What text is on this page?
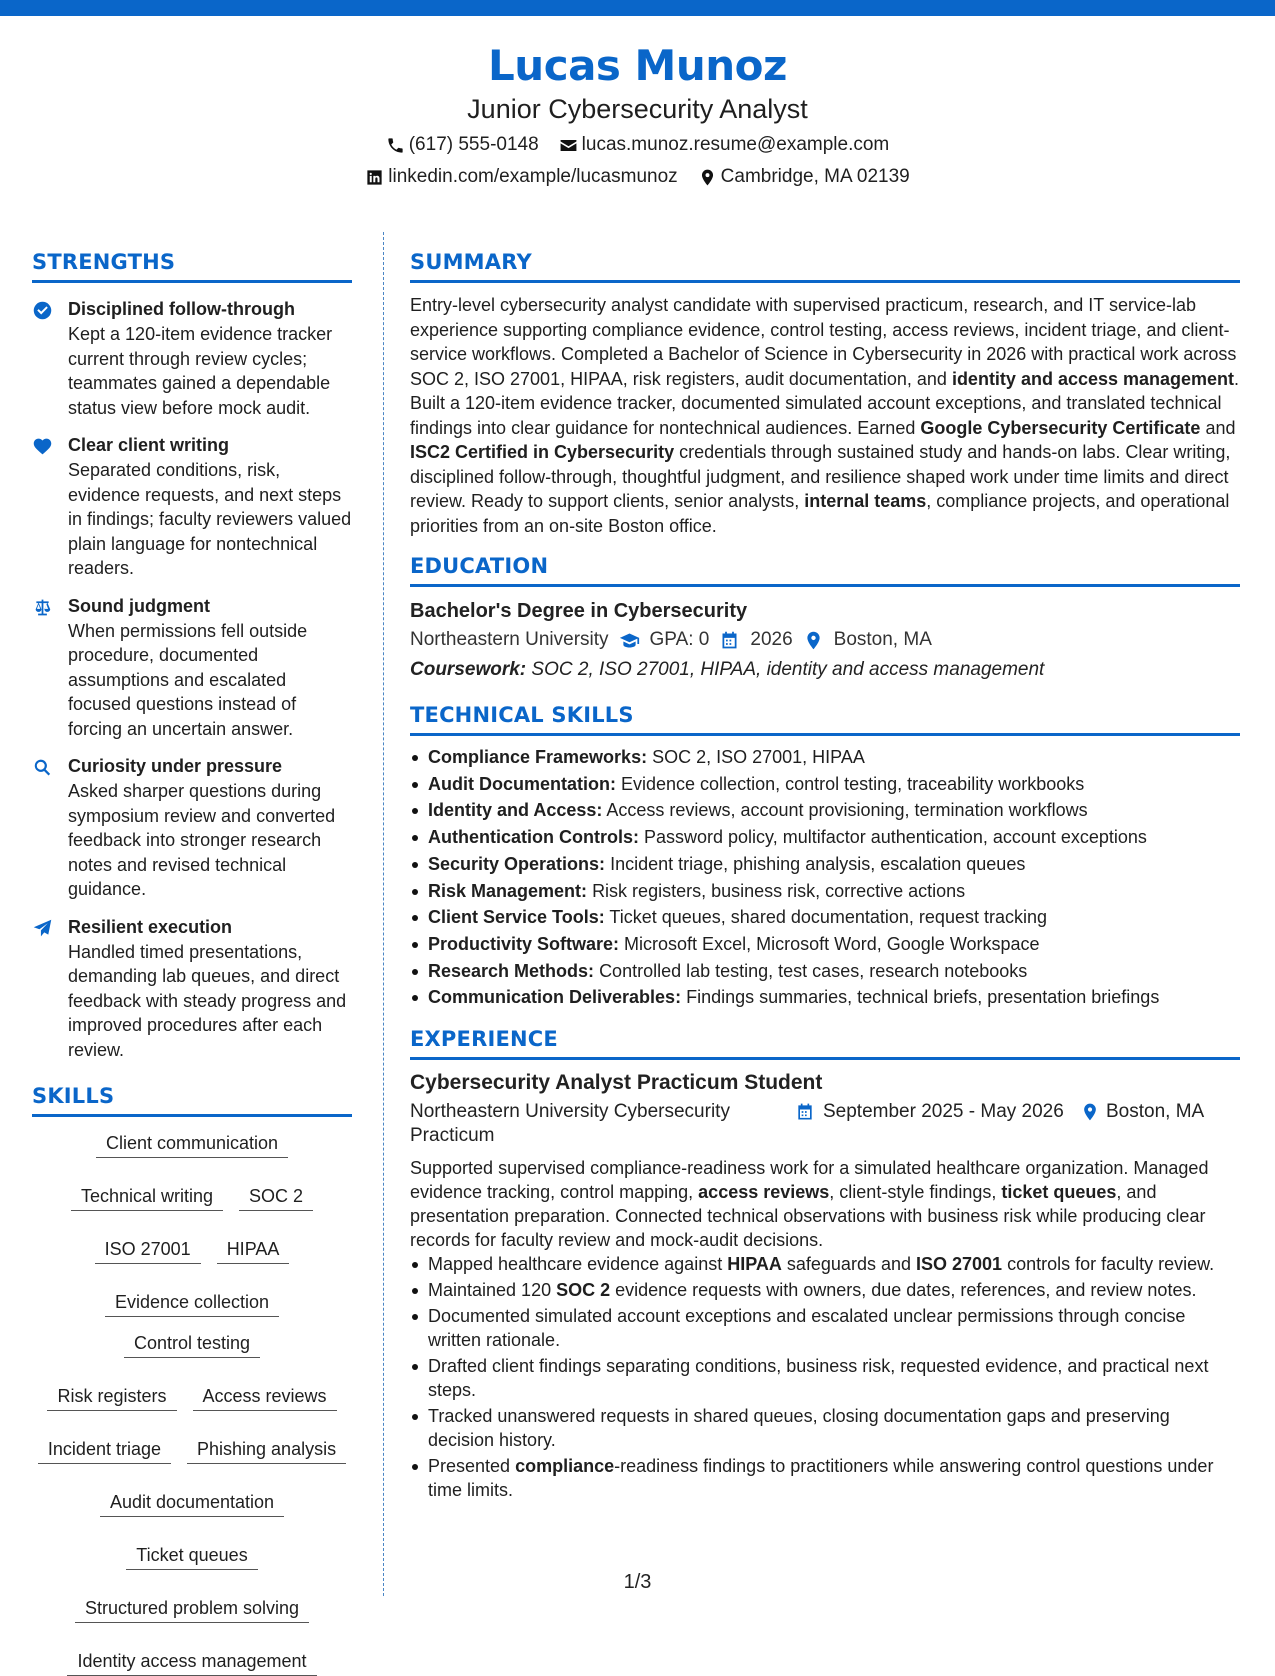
Lucas Munoz
Junior Cybersecurity Analyst
(617) 555-0148 lucas.munoz.resume@example.com
linkedin.com/example/lucasmunoz Cambridge, MA 02139
STRENGTHS
Disciplined follow-through
Kept a 120-item evidence tracker current through review cycles; teammates gained a dependable status view before mock audit.
Clear client writing
Separated conditions, risk, evidence requests, and next steps in findings; faculty reviewers valued plain language for nontechnical readers.
Sound judgment
When permissions fell outside procedure, documented assumptions and escalated focused questions instead of forcing an uncertain answer.
Curiosity under pressure
Asked sharper questions during symposium review and converted feedback into stronger research notes and revised technical guidance.
Resilient execution
Handled timed presentations, demanding lab queues, and direct feedback with steady progress and improved procedures after each review.
SKILLS
Client communication
Technical writing	SOC 2
ISO 27001	HIPAA
Evidence collection
Control testing
Risk registers	Access reviews
Incident triage	Phishing analysis
Audit documentation
Ticket queues
Structured problem solving
Identity access management
SUMMARY

Entry-level cybersecurity analyst candidate with supervised practicum, research, and IT service-lab experience supporting compliance evidence, control testing, access reviews, incident triage, and client-service workflows. Completed a Bachelor of Science in Cybersecurity in 2026 with practical work across SOC 2, ISO 27001, HIPAA, risk registers, audit documentation, and identity and access management. Built a 120-item evidence tracker, documented simulated account exceptions, and translated technical findings into clear guidance for nontechnical audiences. Earned Google Cybersecurity Certificate and ISC2 Certified in Cybersecurity credentials through sustained study and hands-on labs. Clear writing, disciplined follow-through, thoughtful judgment, and resilience shaped work under time limits and direct review. Ready to support clients, senior analysts, internal teams, compliance projects, and operational priorities from an on-site Boston office.

EDUCATION
Bachelor's Degree in Cybersecurity
Northeastern University GPA: 0 2026 Boston, MA
Coursework: SOC 2, ISO 27001, HIPAA, identity and access management
TECHNICAL SKILLS
Compliance Frameworks: SOC 2, ISO 27001, HIPAA
Audit Documentation: Evidence collection, control testing, traceability workbooks
Identity and Access: Access reviews, account provisioning, termination workflows
Authentication Controls: Password policy, multifactor authentication, account exceptions
Security Operations: Incident triage, phishing analysis, escalation queues
Risk Management: Risk registers, business risk, corrective actions
Client Service Tools: Ticket queues, shared documentation, request tracking
Productivity Software: Microsoft Excel, Microsoft Word, Google Workspace
Research Methods: Controlled lab testing, test cases, research notebooks
Communication Deliverables: Findings summaries, technical briefs, presentation briefings
EXPERIENCE
Cybersecurity Analyst Practicum Student
Northeastern University Cybersecurity Practicum
September 2025 - May 2026 Boston, MA

Supported supervised compliance-readiness work for a simulated healthcare organization. Managed evidence tracking, control mapping, access reviews, client-style findings, ticket queues, and presentation preparation. Connected technical observations with business risk while producing clear records for faculty review and mock-audit decisions.

Mapped healthcare evidence against HIPAA safeguards and ISO 27001 controls for faculty review.
Maintained 120 SOC 2 evidence requests with owners, due dates, references, and review notes.
Documented simulated account exceptions and escalated unclear permissions through concise written rationale.
Drafted client findings separating conditions, business risk, requested evidence, and practical next steps.
Tracked unanswered requests in shared queues, closing documentation gaps and preserving decision history.
Presented compliance-readiness findings to practitioners while answering control questions under time limits.
1/3
